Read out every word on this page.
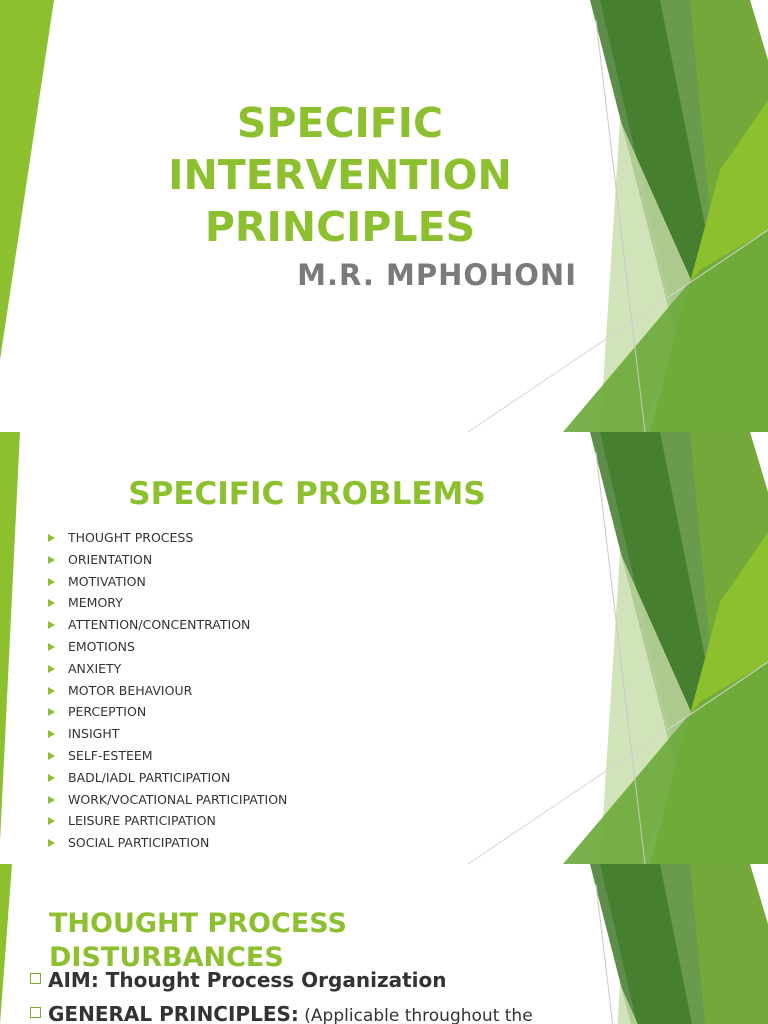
SPECIFIC
INTERVENTION
PRINCIPLES

M.R. MPHOHONI

SPECIFIC PROBLEMS
THOUGHT PROCESS
ORIENTATION
MOTIVATION
MEMORY
ATTENTION/CONCENTRATION
EMOTIONS
ANXIETY
MOTOR BEHAVIOUR
PERCEPTION
INSIGHT
SELF-ESTEEM
BADL/IADL PARTICIPATION
WORK/VOCATIONAL PARTICIPATION
LEISURE PARTICIPATION
SOCIAL PARTICIPATION
THOUGHT PROCESS
DISTURBANCES

AIM: Thought Process Organization

GENERAL PRINCIPLES: (Applicable throughout the
